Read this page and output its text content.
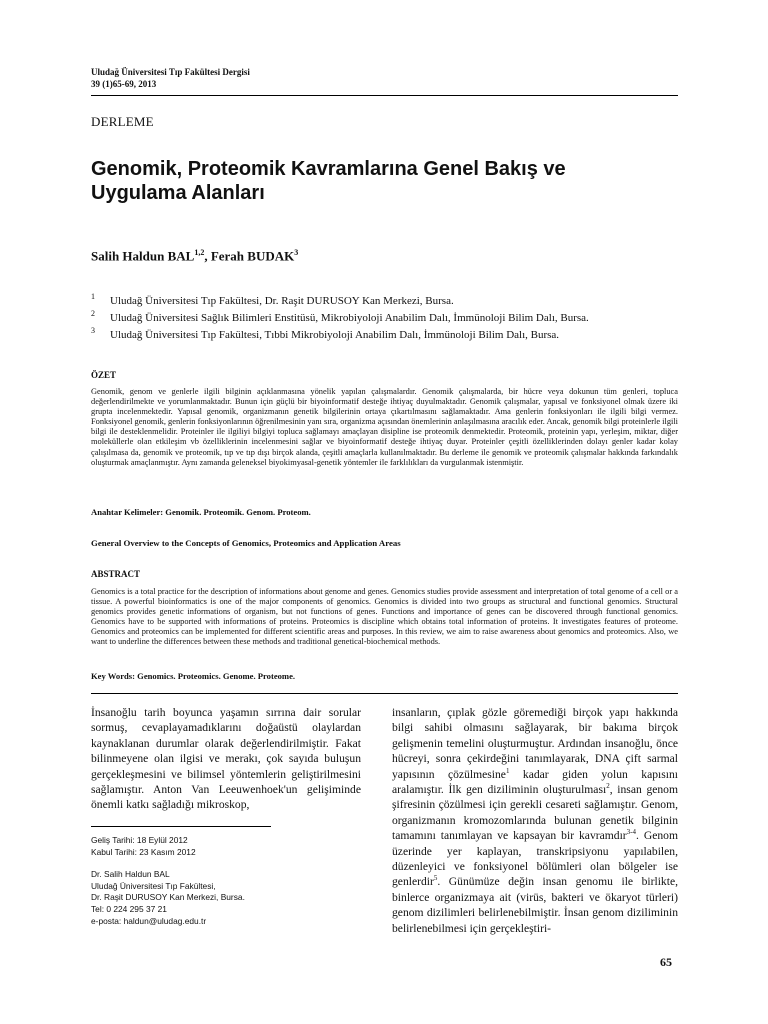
Uludağ Üniversitesi Tıp Fakültesi Dergisi
39 (1)65-69, 2013
DERLEME
Genomik, Proteomik Kavramlarına Genel Bakış ve Uygulama Alanları
Salih Haldun BAL$^{1,2}$, Ferah BUDAK$^3$
1 Uludağ Üniversitesi Tıp Fakültesi, Dr. Raşit DURUSOY Kan Merkezi, Bursa.
2 Uludağ Üniversitesi Sağlık Bilimleri Enstitüsü, Mikrobiyoloji Anabilim Dalı, İmmünoloji Bilim Dalı, Bursa.
3 Uludağ Üniversitesi Tıp Fakültesi, Tıbbi Mikrobiyoloji Anabilim Dalı, İmmünoloji Bilim Dalı, Bursa.
ÖZET
Genomik, genom ve genlerle ilgili bilginin açıklanmasına yönelik yapılan çalışmalardır. Genomik çalışmalarda, bir hücre veya dokunun tüm genleri, topluca değerlendirilmekte ve yorumlanmaktadır. Bunun için güçlü bir biyoinformatif desteğe ihtiyaç duyulmaktadır. Genomik çalışmalar, yapısal ve fonksiyonel olmak üzere iki grupta incelenmektedir. Yapısal genomik, organizmanın genetik bilgilerinin ortaya çıkartılmasını sağlamaktadır. Ama genlerin fonksiyonları ile ilgili bilgi vermez. Fonksiyonel genomik, genlerin fonksiyonlarının öğrenilmesinin yanı sıra, organizma açısından önemlerinin anlaşılmasına aracılık eder. Ancak, genomik bilgi proteinlerle ilgili bilgi ile desteklenmelidir. Proteinler ile ilgiliyi bilgiyi topluca sağlamayı amaçlayan disipline ise proteomik denmektedir. Proteomik, proteinin yapı, yerleşim, miktar, diğer moleküllerle olan etkileşim vb özelliklerinin incelenmesini sağlar ve biyoinformatif desteğe ihtiyaç duyar. Proteinler çeşitli özelliklerinden dolayı genler kadar kolay çalışılmasa da, genomik ve proteomik, tıp ve tıp dışı birçok alanda, çeşitli amaçlarla kullanılmaktadır. Bu derleme ile genomik ve proteomik çalışmalar hakkında farkındalık oluşturmak amaçlanmıştır. Aynı zamanda geleneksel biyokimyasal-genetik yöntemler ile farklılıkları da vurgulanmak istenmiştir.
Anahtar Kelimeler: Genomik. Proteomik. Genom. Proteom.
General Overview to the Concepts of Genomics, Proteomics and Application Areas
ABSTRACT
Genomics is a total practice for the description of informations about genome and genes. Genomics studies provide assessment and interpretation of total genome of a cell or a tissue. A powerful bioinformatics is one of the major components of genomics. Genomics is divided into two groups as structural and functional genomics. Structural genomics provides genetic informations of organism, but not functions of genes. Functions and importance of genes can be discovered through functional genomics. Genomics have to be supported with informations of proteins. Proteomics is discipline which obtains total information of proteins. It investigates features of proteome. Genomics and proteomics can be implemented for different scientific areas and purposes. In this review, we aim to raise awareness about genomics and proteomics. Also, we want to underline the differences between these methods and traditional genetical-biochemical methods.
Key Words: Genomics. Proteomics. Genome. Proteome.
İnsanoğlu tarih boyunca yaşamın sırrına dair sorular sormuş, cevaplayamadıklarını doğaüstü olaylardan kaynaklanan durumlar olarak değerlendirilmiştir. Fakat bilinmeyene olan ilgisi ve merakı, çok sayıda buluşun gerçekleşmesini ve bilimsel yöntemlerin geliştirilmesini sağlamıştır. Anton Van Leeuwenhoek'un gelişiminde önemli katkı sağladığı mikroskop,
insanların, çıplak gözle göremediği birçok yapı hakkında bilgi sahibi olmasını sağlayarak, bir bakıma birçok gelişmenin temelini oluşturmuştur. Ardından insanoğlu, önce hücreyi, sonra çekirdeğini tanımlayarak, DNA çift sarmal yapısının çözülmesine$^1$ kadar giden yolun kapısını aralamıştır. İlk gen diziliminin oluşturulması$^2$, insan genom şifresinin çözülmesi için gerekli cesareti sağlamıştır. Genom, organizmanın kromozomlarında bulunan genetik bilginin tamamını tanımlayan ve kapsayan bir kavramdır$^{3-4}$. Genom üzerinde yer kaplayan, transkripsiyonu yapılabilen, düzenleyici ve fonksiyonel bölümleri olan bölgeler ise genlerdir$^5$. Günümüze değin insan genomu ile birlikte, binlerce organizmaya ait (virüs, bakteri ve ökaryot türleri) genom dizilimleri belirlenebilmiştir. İnsan genom diziliminin belirlenebilmesi için gerçekleştiri-
Geliş Tarihi: 18 Eylül 2012
Kabul Tarihi: 23 Kasım 2012
Dr. Salih Haldun BAL
Uludağ Üniversitesi Tıp Fakültesi,
Dr. Raşit DURUSOY Kan Merkezi, Bursa.
Tel: 0 224 295 37 21
e-posta: haldun@uludag.edu.tr
65
